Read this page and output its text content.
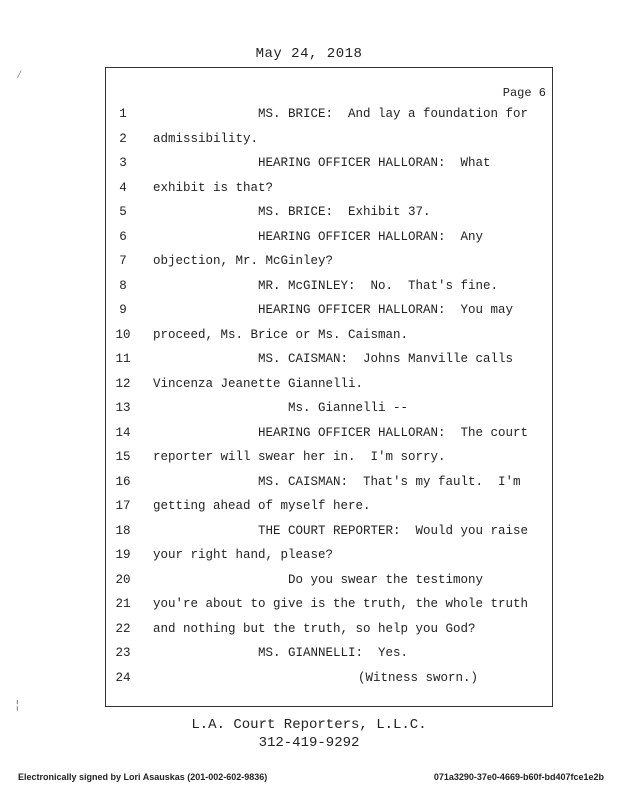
May 24, 2018
Page 6
1	MS. BRICE:  And lay a foundation for
2	admissibility.
3	HEARING OFFICER HALLORAN:  What
4	exhibit is that?
5	MS. BRICE:  Exhibit 37.
6	HEARING OFFICER HALLORAN:  Any
7	objection, Mr. McGinley?
8	MR. McGINLEY:  No.  That's fine.
9	HEARING OFFICER HALLORAN:  You may
10	proceed, Ms. Brice or Ms. Caisman.
11	MS. CAISMAN:  Johns Manville calls
12	Vincenza Jeanette Giannelli.
13	Ms. Giannelli --
14	HEARING OFFICER HALLORAN:  The court
15	reporter will swear her in.  I'm sorry.
16	MS. CAISMAN:  That's my fault.  I'm
17	getting ahead of myself here.
18	THE COURT REPORTER:  Would you raise
19	your right hand, please?
20	Do you swear the testimony
21	you're about to give is the truth, the whole truth
22	and nothing but the truth, so help you God?
23	MS. GIANNELLI:  Yes.
24	(Witness sworn.)
L.A. Court Reporters, L.L.C.
312-419-9292
Electronically signed by Lori Asauskas (201-002-602-9836)	071a3290-37e0-4669-b60f-bd407fce1e2b
⁄
¦
